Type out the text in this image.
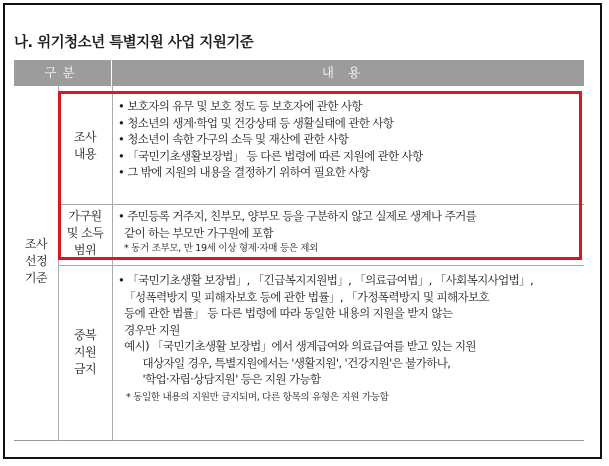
나. 위기청소년 특별지원 사업 지원기준
구분	내용
조사 선정 기준
조사 내용
• 보호자의 유무 및 보호 정도 등 보호자에 관한 사항
• 청소년의 생계·학업 및 건강상태 등 생활실태에 관한 사항
• 청소년이 속한 가구의 소득 및 재산에 관한 사항
• 「국민기초생활보장법」 등 다른 법령에 따른 지원에 관한 사항
• 그 밖에 지원의 내용을 결정하기 위하여 필요한 사항
가구원 및 소득 범위
• 주민등록 거주지, 친부모, 양부모 등을 구분하지 않고 실제로 생계나 주거를
같이 하는 부모만 가구원에 포함
* 동거 조부모, 만 19세 이상 형제·자매 등은 제외
중복 지원 금지
• 「국민기초생활 보장법」, 「긴급복지지원법」, 「의료급여법」, 「사회복지사업법」,
「성폭력방지 및 피해자보호 등에 관한 법률」, 「가정폭력방지 및 피해자보호
등에 관한 법률」 등 다른 법령에 따라 동일한 내용의 지원을 받지 않는
경우만 지원
예시) 「국민기초생활 보장법」에서 생계급여와 의료급여를 받고 있는 지원
대상자일 경우, 특별지원에서는 '생활지원', '건강지원'은 불가하나,
'학업·자립·상담지원' 등은 지원 가능함
* 동일한 내용의 지원만 금지되며, 다른 항목의 유형은 지원 가능함
